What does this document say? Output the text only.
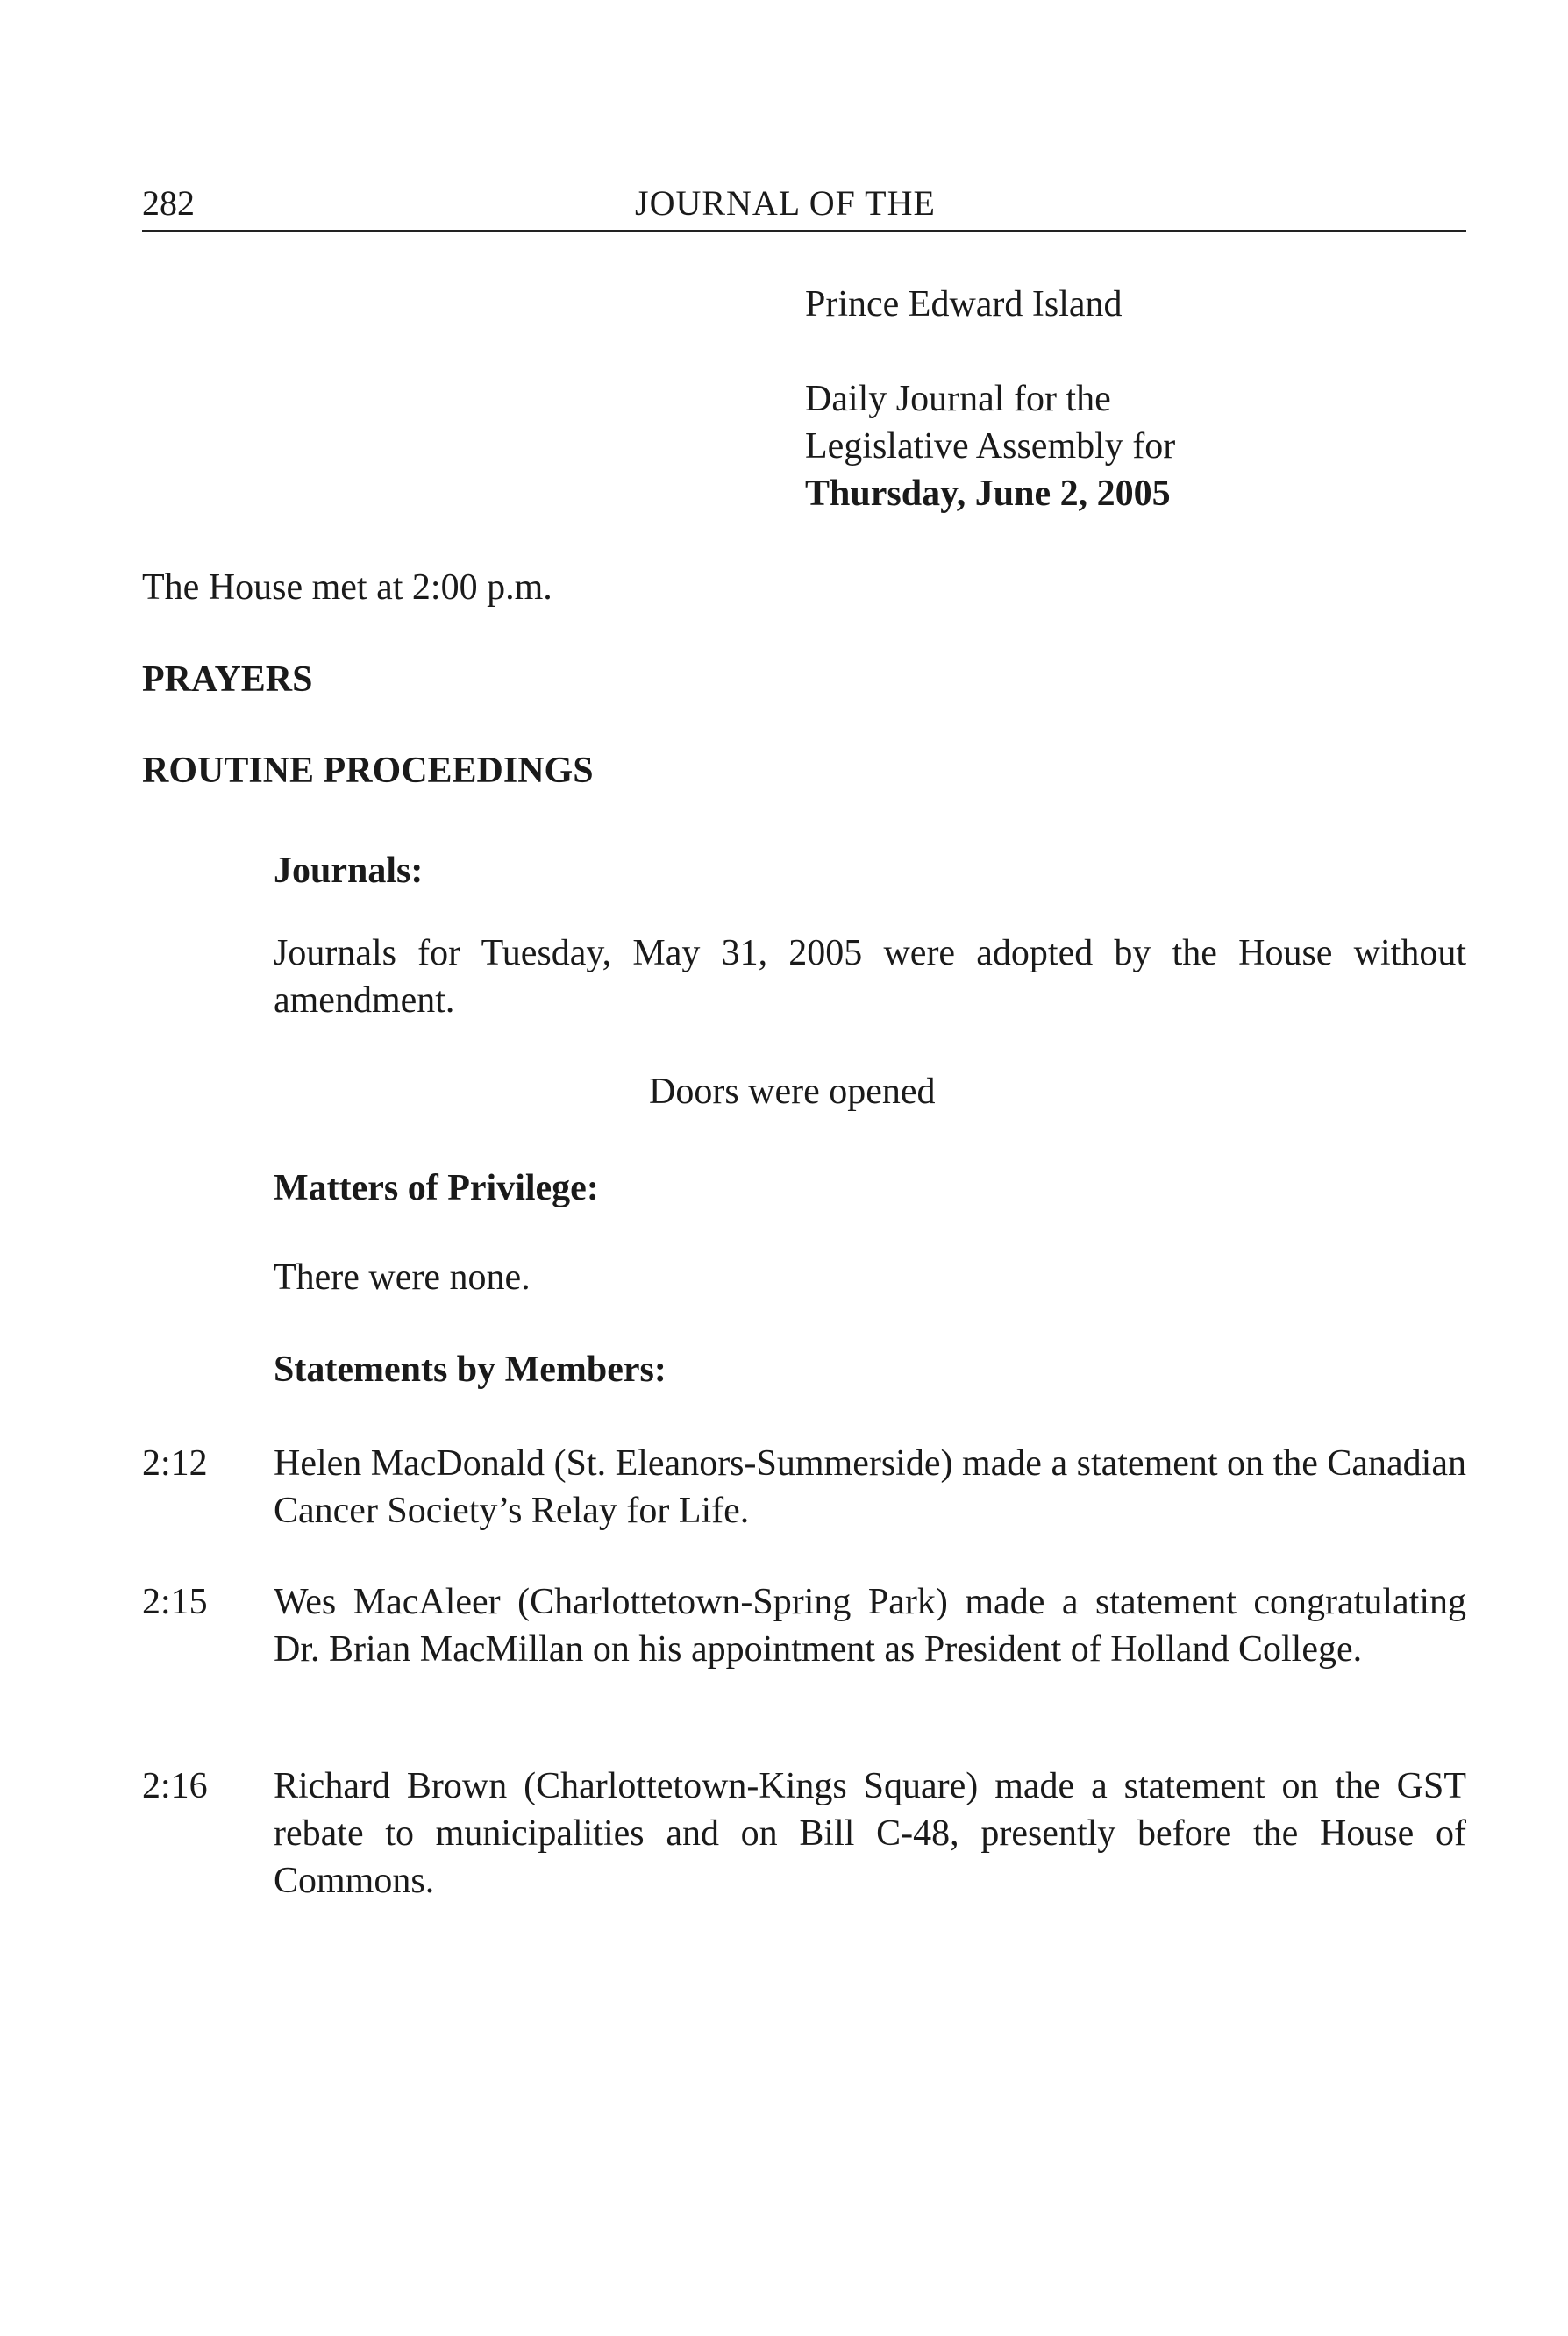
282	JOURNAL OF THE

Prince Edward Island

Daily Journal for the

Legislative Assembly for

Thursday, June 2, 2005

The House met at 2:00 p.m.
PRAYERS
ROUTINE PROCEEDINGS
Journals:
Journals for Tuesday, May 31, 2005 were adopted by the House without amendment.
Doors were opened
Matters of Privilege:
There were none.
Statements by Members:
2:12 Helen MacDonald (St. Eleanors-Summerside) made a statement on the Canadian Cancer Society’s Relay for Life.
2:15 Wes MacAleer (Charlottetown-Spring Park) made a statement congratulating Dr. Brian MacMillan on his appointment as President of Holland College.
2:16 Richard Brown (Charlottetown-Kings Square) made a statement on the GST rebate to municipalities and on Bill C-48, presently before the House of Commons.
